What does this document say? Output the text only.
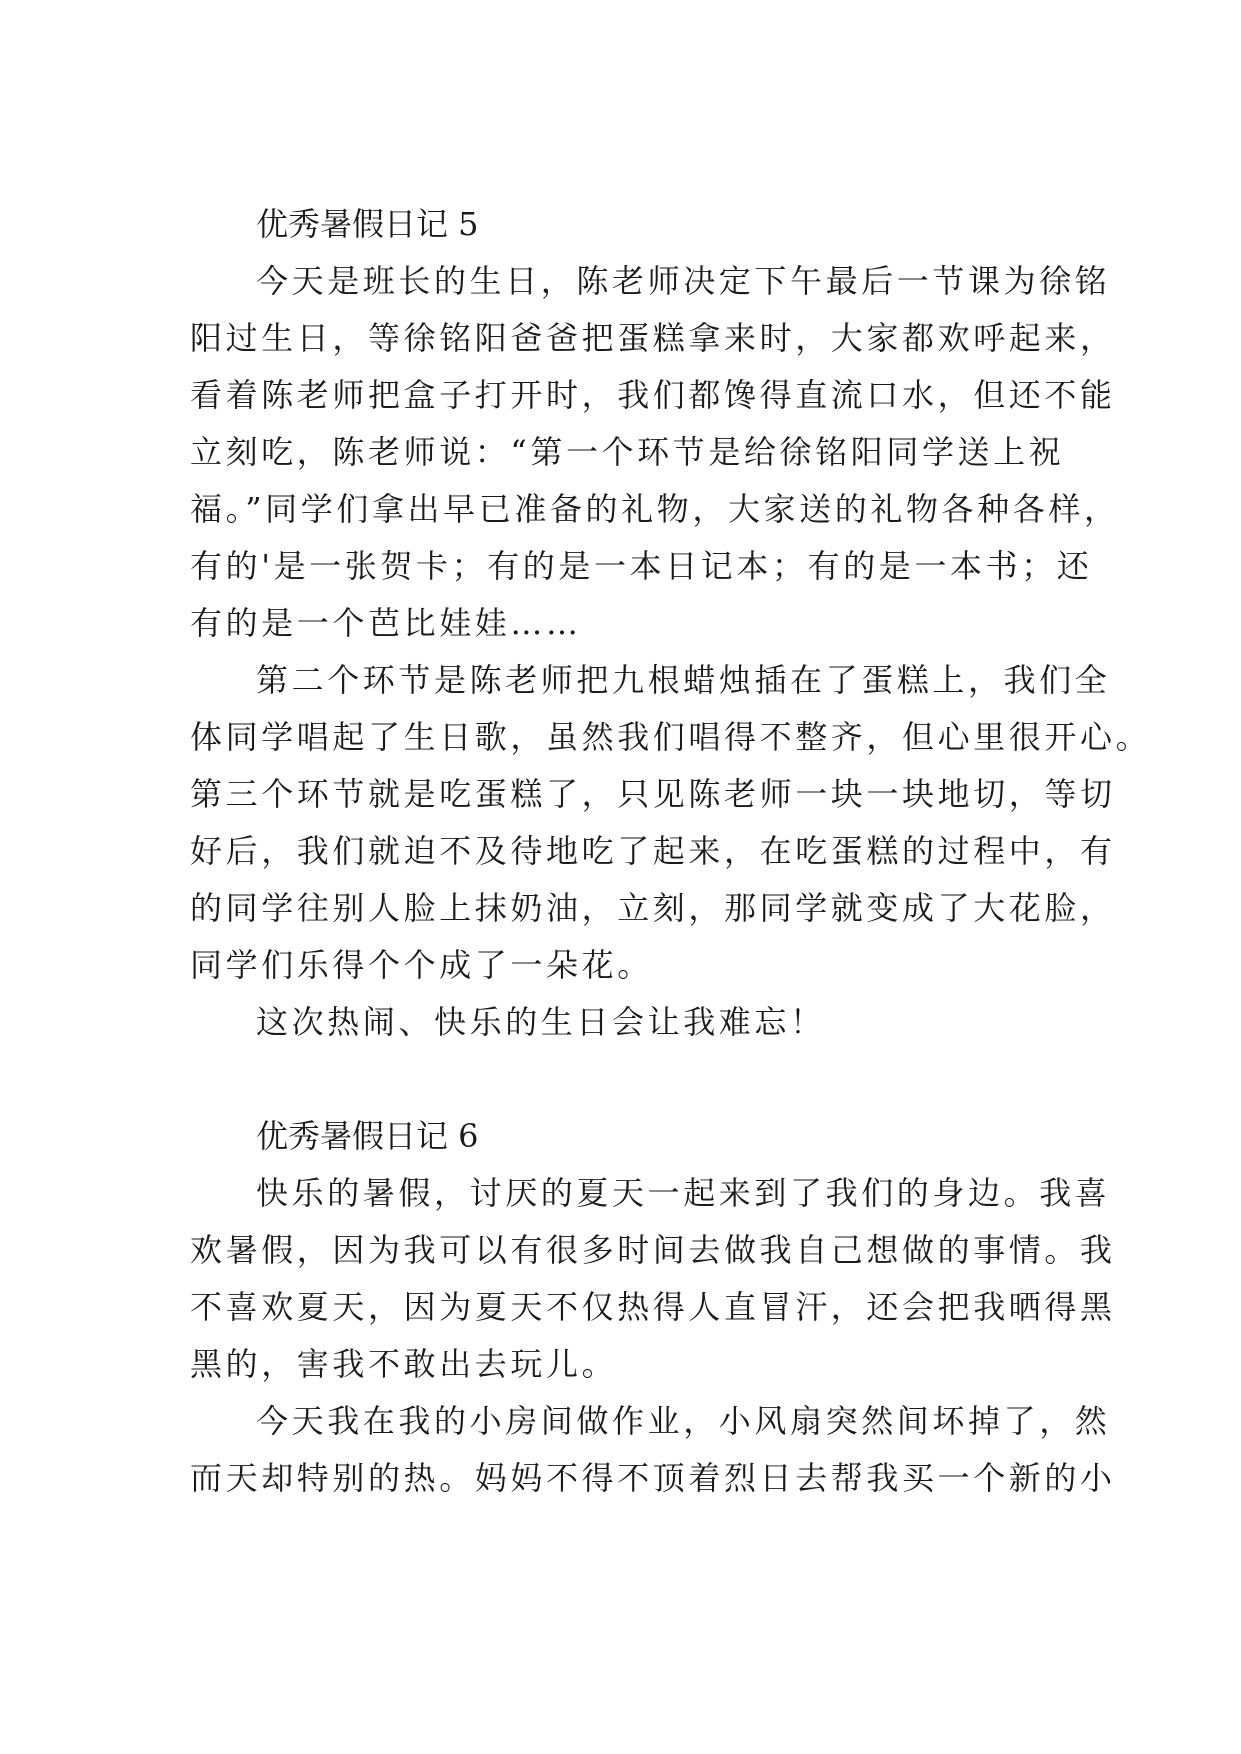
优秀暑假日记 5
今天是班长的生日，陈老师决定下午最后一节课为徐铭
阳过生日，等徐铭阳爸爸把蛋糕拿来时，大家都欢呼起来，
看着陈老师把盒子打开时，我们都馋得直流口水，但还不能
立刻吃，陈老师说：“第一个环节是给徐铭阳同学送上祝
福。”同学们拿出早已准备的礼物，大家送的礼物各种各样，
有的'是一张贺卡；有的是一本日记本；有的是一本书；还
有的是一个芭比娃娃……
第二个环节是陈老师把九根蜡烛插在了蛋糕上，我们全
体同学唱起了生日歌，虽然我们唱得不整齐，但心里很开心。
第三个环节就是吃蛋糕了，只见陈老师一块一块地切，等切
好后，我们就迫不及待地吃了起来，在吃蛋糕的过程中，有
的同学往别人脸上抹奶油，立刻，那同学就变成了大花脸，
同学们乐得个个成了一朵花。
这次热闹、快乐的生日会让我难忘！
优秀暑假日记 6
快乐的暑假，讨厌的夏天一起来到了我们的身边。我喜
欢暑假，因为我可以有很多时间去做我自己想做的事情。我
不喜欢夏天，因为夏天不仅热得人直冒汗，还会把我晒得黑
黑的，害我不敢出去玩儿。
今天我在我的小房间做作业，小风扇突然间坏掉了，然
而天却特别的热。妈妈不得不顶着烈日去帮我买一个新的小
